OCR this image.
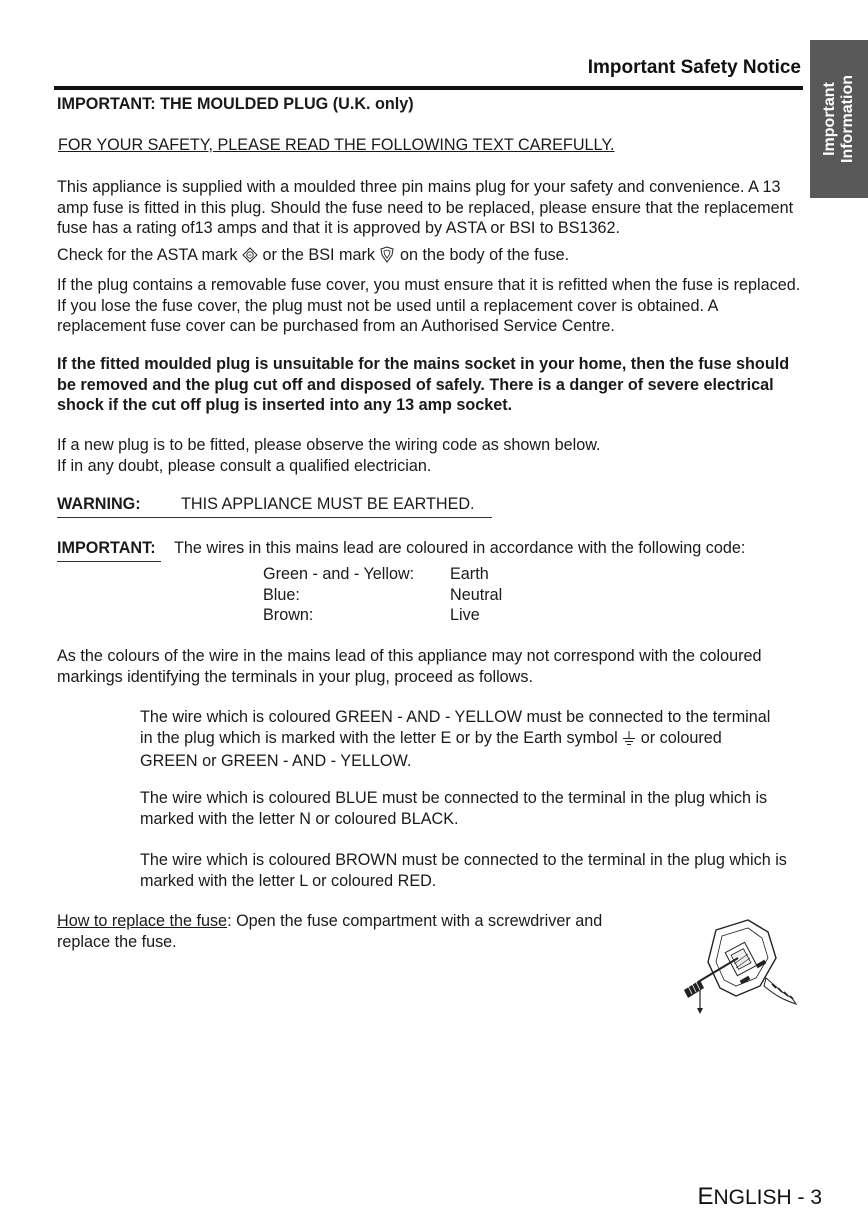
Important Safety Notice
Important Information
IMPORTANT: THE MOULDED PLUG (U.K. only)
FOR YOUR SAFETY, PLEASE READ THE FOLLOWING TEXT CAREFULLY.

This appliance is supplied with a moulded three pin mains plug for your safety and convenience. A 13 amp fuse is fitted in this plug. Should the fuse need to be replaced, please ensure that the replacement fuse has a rating of13 amps and that it is approved by ASTA or BSI to BS1362.

Check for the ASTA mark or the BSI mark on the body of the fuse.

If the plug contains a removable fuse cover, you must ensure that it is refitted when the fuse is replaced. If you lose the fuse cover, the plug must not be used until a replacement cover is obtained. A replacement fuse cover can be purchased from an Authorised Service Centre.

If the fitted moulded plug is unsuitable for the mains socket in your home, then the fuse should be removed and the plug cut off and disposed of safely. There is a danger of severe electrical shock if the cut off plug is inserted into any 13 amp socket.

If a new plug is to be fitted, please observe the wiring code as shown below.
If in any doubt, please consult a qualified electrician.
WARNING: THIS APPLIANCE MUST BE EARTHED.
IMPORTANT: The wires in this mains lead are coloured in accordance with the following code:
Green - and - Yellow:	Earth
Blue:	Neutral
Brown:	Live

As the colours of the wire in the mains lead of this appliance may not correspond with the coloured markings identifying the terminals in your plug, proceed as follows.

The wire which is coloured GREEN - AND - YELLOW must be connected to the terminal in the plug which is marked with the letter E or by the Earth symbol or coloured GREEN or GREEN - AND - YELLOW.

The wire which is coloured BLUE must be connected to the terminal in the plug which is marked with the letter N or coloured BLACK.

The wire which is coloured BROWN must be connected to the terminal in the plug which is marked with the letter L or coloured RED.

How to replace the fuse: Open the fuse compartment with a screwdriver and replace the fuse.

ENGLISH - 3
